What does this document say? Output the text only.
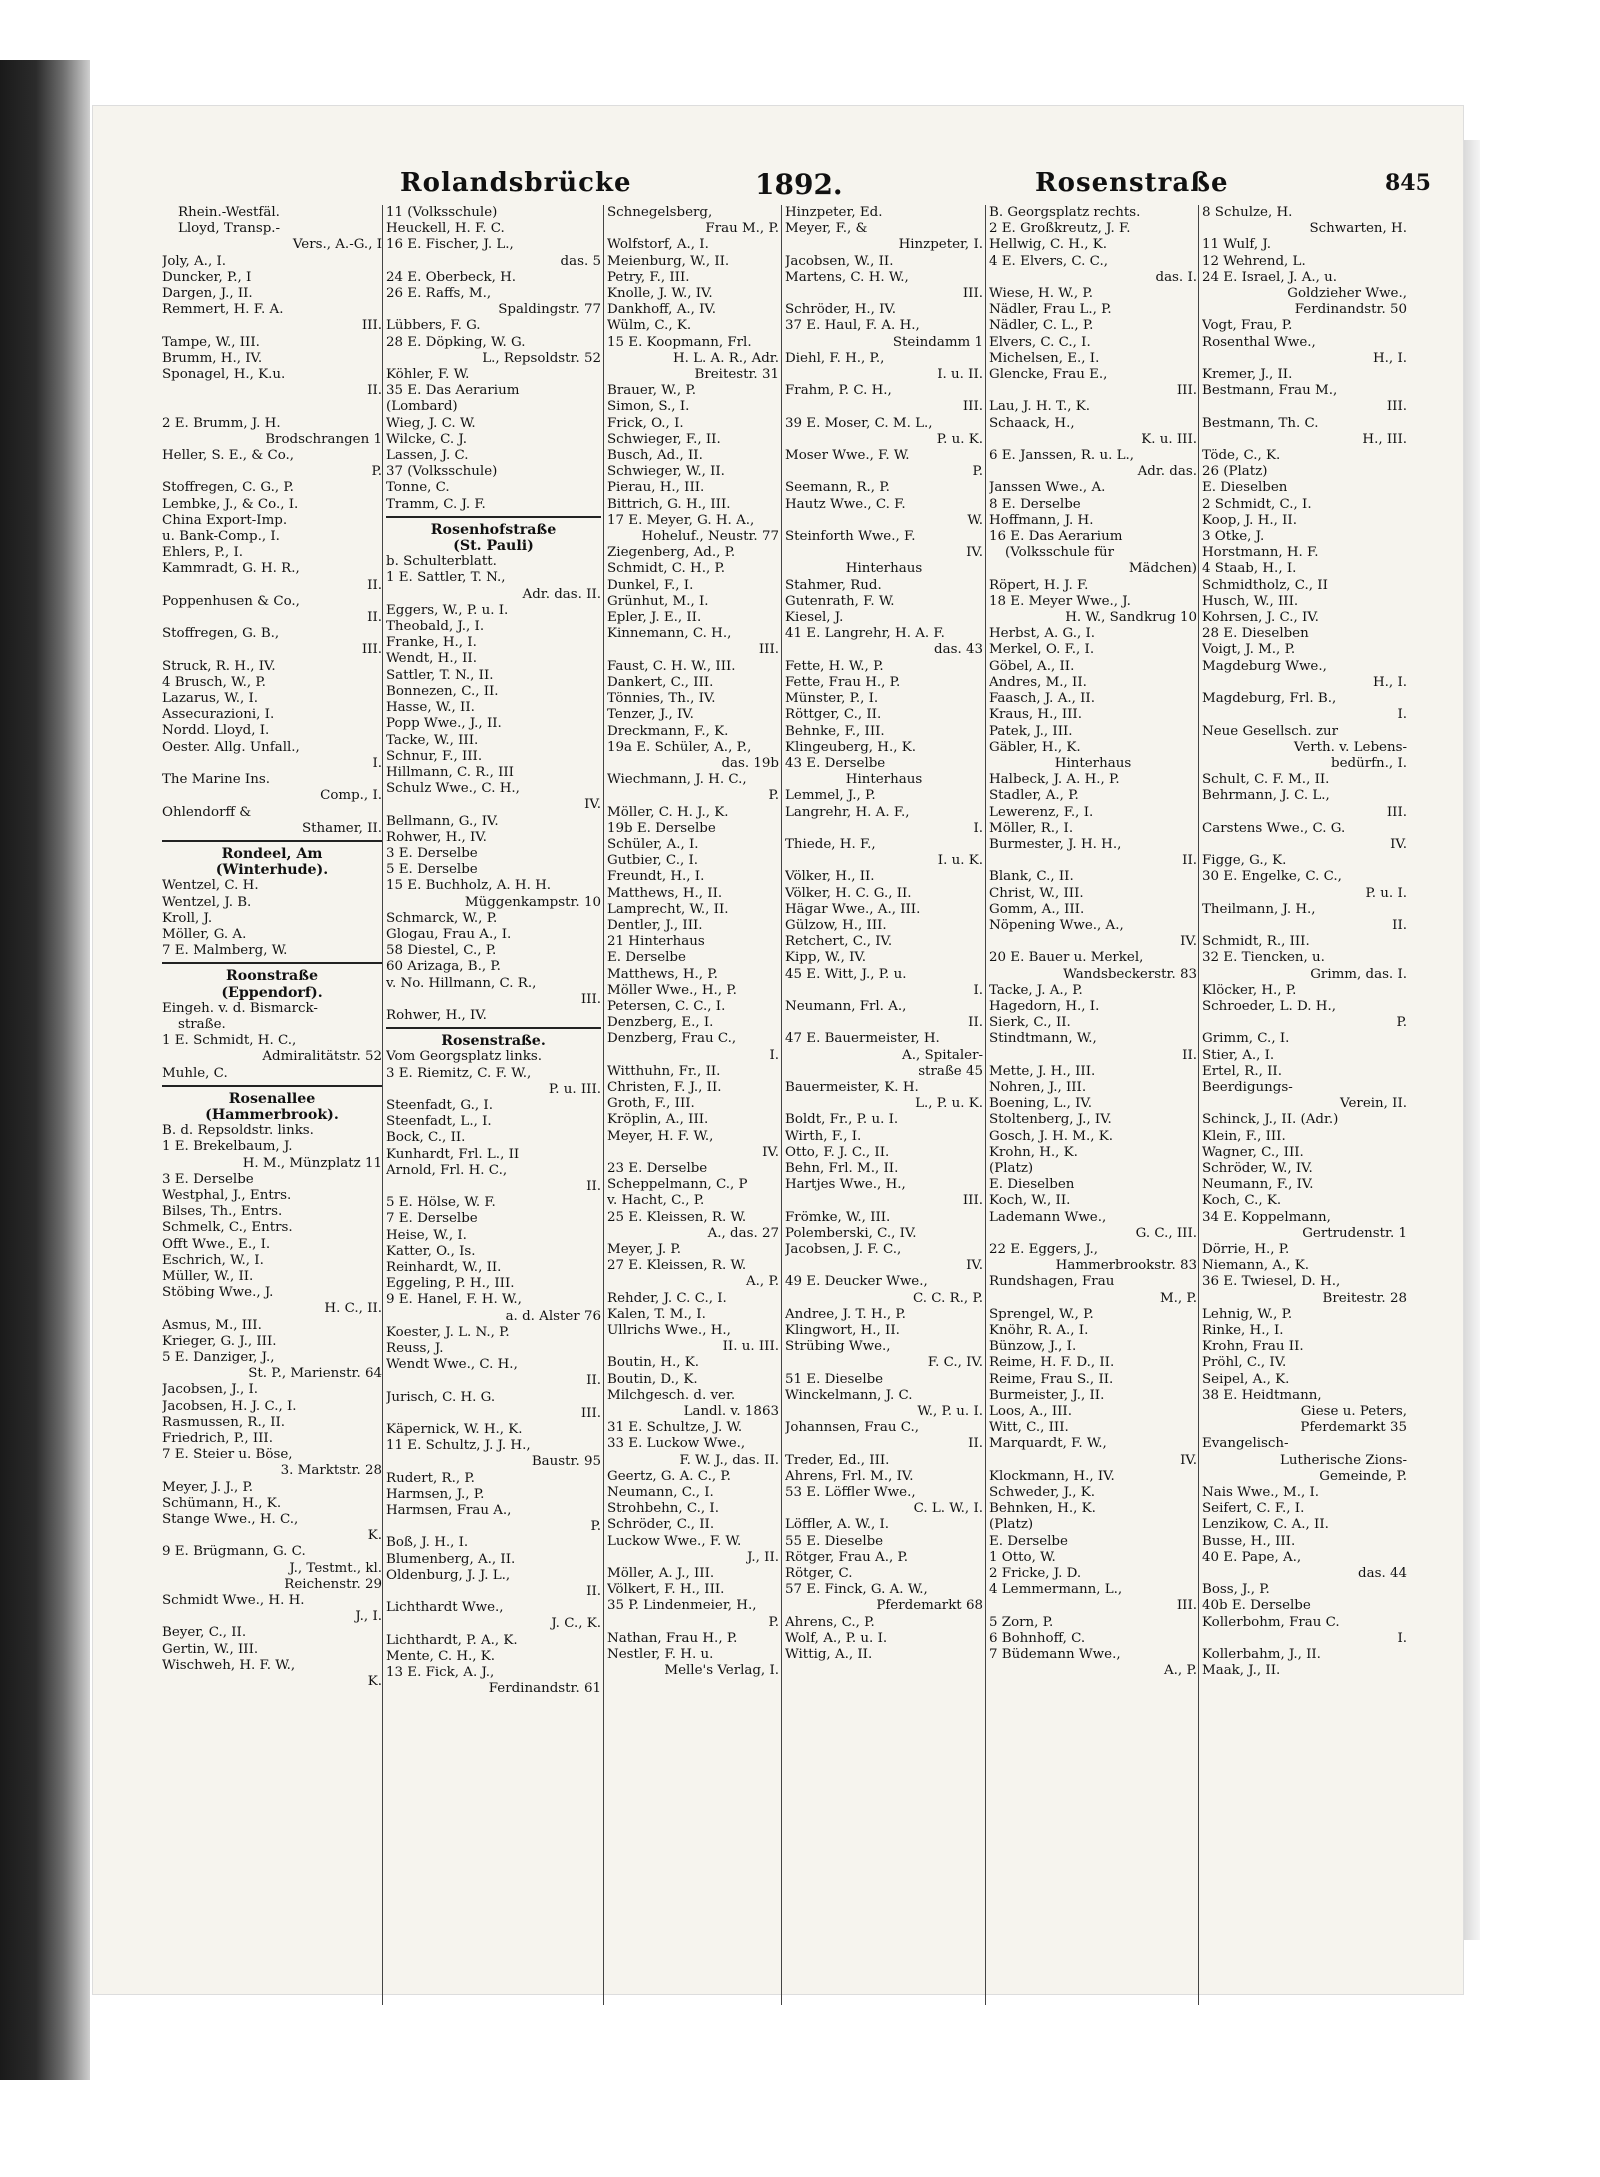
Rolandsbrücke	1892.	Rosenstraße	845
Rhein.-Westfäl.
Lloyd, Transp.-
Vers., A.-G., I
Joly, A., I.
Duncker, P., I
Dargen, J., II.
Remmert, H. F. A.
III.
Tampe, W., III.
Brumm, H., IV.
Sponagel, H., K.u.
II.
2 E. Brumm, J. H.
Brodschrangen 1
Heller, S. E., & Co.,
P.
Stoffregen, C. G., P.
Lembke, J., & Co., I.
China Export-Imp.
u. Bank-Comp., I.
Ehlers, P., I.
Kammradt, G. H. R.,
II.
Poppenhusen & Co.,
II.
Stoffregen, G. B.,
III.
Struck, R. H., IV.
4 Brusch, W., P.
Lazarus, W., I.
Assecurazioni, I.
Nordd. Lloyd, I.
Oester. Allg. Unfall.,
I.
The Marine Ins.
Comp., I.
Ohlendorff &
Sthamer, II.
Rondeel, Am
(Winterhude).
Wentzel, C. H.
Wentzel, J. B.
Kroll, J.
Möller, G. A.
7 E. Malmberg, W.
Roonstraße
(Eppendorf).
Eingeh. v. d. Bismarck-
straße.
1 E. Schmidt, H. C.,
Admiralitätstr. 52
Muhle, C.
Rosenallee
(Hammerbrook).
B. d. Repsoldstr. links.
1 E. Brekelbaum, J.
H. M., Münzplatz 11
3 E. Derselbe
Westphal, J., Entrs.
Bilses, Th., Entrs.
Schmelk, C., Entrs.
Offt Wwe., E., I.
Eschrich, W., I.
Müller, W., II.
Stöbing Wwe., J.
H. C., II.
Asmus, M., III.
Krieger, G. J., III.
5 E. Danziger, J.,
St. P., Marienstr. 64
Jacobsen, J., I.
Jacobsen, H. J. C., I.
Rasmussen, R., II.
Friedrich, P., III.
7 E. Steier u. Böse,
3. Marktstr. 28
Meyer, J. J., P.
Schümann, H., K.
Stange Wwe., H. C.,
K.
9 E. Brügmann, G. C.
J., Testmt., kl.
Reichenstr. 29
Schmidt Wwe., H. H.
J., I.
Beyer, C., II.
Gertin, W., III.
Wischweh, H. F. W.,
K.
11 (Volksschule)
Heuckell, H. F. C.
16 E. Fischer, J. L.,
das. 5
24 E. Oberbeck, H.
26 E. Raffs, M.,
Spaldingstr. 77
Lübbers, F. G.
28 E. Döpking, W. G.
L., Repsoldstr. 52
Köhler, F. W.
35 E. Das Aerarium
(Lombard)
Wieg, J. C. W.
Wilcke, C. J.
Lassen, J. C.
37 (Volksschule)
Tonne, C.
Tramm, C. J. F.
Rosenhofstraße
(St. Pauli)
b. Schulterblatt.
1 E. Sattler, T. N.,
Adr. das. II.
Eggers, W., P. u. I.
Theobald, J., I.
Franke, H., I.
Wendt, H., II.
Sattler, T. N., II.
Bonnezen, C., II.
Hasse, W., II.
Popp Wwe., J., II.
Tacke, W., III.
Schnur, F., III.
Hillmann, C. R., III
Schulz Wwe., C. H.,
IV.
Bellmann, G., IV.
Rohwer, H., IV.
3 E. Derselbe
5 E. Derselbe
15 E. Buchholz, A. H. H.
Müggenkampstr. 10
Schmarck, W., P.
Glogau, Frau A., I.
58 Diestel, C., P.
60 Arizaga, B., P.
v. No. Hillmann, C. R.,
III.
Rohwer, H., IV.
Rosenstraße.
Vom Georgsplatz links.
3 E. Riemitz, C. F. W.,
P. u. III.
Steenfadt, G., I.
Steenfadt, L., I.
Bock, C., II.
Kunhardt, Frl. L., II
Arnold, Frl. H. C.,
II.
5 E. Hölse, W. F.
7 E. Derselbe
Heise, W., I.
Katter, O., Is.
Reinhardt, W., II.
Eggeling, P. H., III.
9 E. Hanel, F. H. W.,
a. d. Alster 76
Koester, J. L. N., P.
Reuss, J.
Wendt Wwe., C. H.,
II.
Jurisch, C. H. G.
III.
Käpernick, W. H., K.
11 E. Schultz, J. J. H.,
Baustr. 95
Rudert, R., P.
Harmsen, J., P.
Harmsen, Frau A.,
P.
Boß, J. H., I.
Blumenberg, A., II.
Oldenburg, J. J. L.,
II.
Lichthardt Wwe.,
J. C., K.
Lichthardt, P. A., K.
Mente, C. H., K.
13 E. Fick, A. J.,
Ferdinandstr. 61
Schnegelsberg,
Frau M., P.
Wolfstorf, A., I.
Meienburg, W., II.
Petry, F., III.
Knolle, J. W., IV.
Dankhoff, A., IV.
Wülm, C., K.
15 E. Koopmann, Frl.
H. L. A. R., Adr.
Breitestr. 31
Brauer, W., P.
Simon, S., I.
Frick, O., I.
Schwieger, F., II.
Busch, Ad., II.
Schwieger, W., II.
Pierau, H., III.
Bittrich, G. H., III.
17 E. Meyer, G. H. A.,
Hoheluf., Neustr. 77
Ziegenberg, Ad., P.
Schmidt, C. H., P.
Dunkel, F., I.
Grünhut, M., I.
Epler, J. E., II.
Kinnemann, C. H.,
III.
Faust, C. H. W., III.
Dankert, C., III.
Tönnies, Th., IV.
Tenzer, J., IV.
Dreckmann, F., K.
19a E. Schüler, A., P.,
das. 19b
Wiechmann, J. H. C.,
P.
Möller, C. H. J., K.
19b E. Derselbe
Schüler, A., I.
Gutbier, C., I.
Freundt, H., I.
Matthews, H., II.
Lamprecht, W., II.
Dentler, J., III.
21 Hinterhaus
E. Derselbe
Matthews, H., P.
Möller Wwe., H., P.
Petersen, C. C., I.
Denzberg, E., I.
Denzberg, Frau C.,
I.
Witthuhn, Fr., II.
Christen, F. J., II.
Groth, F., III.
Kröplin, A., III.
Meyer, H. F. W.,
IV.
23 E. Derselbe
Scheppelmann, C., P
v. Hacht, C., P.
25 E. Kleissen, R. W.
A., das. 27
Meyer, J. P.
27 E. Kleissen, R. W.
A., P.
Rehder, J. C. C., I.
Kalen, T. M., I.
Ullrichs Wwe., H.,
II. u. III.
Boutin, H., K.
Boutin, D., K.
Milchgesch. d. ver.
Landl. v. 1863
31 E. Schultze, J. W.
33 E. Luckow Wwe.,
F. W. J., das. II.
Geertz, G. A. C., P.
Neumann, C., I.
Strohbehn, C., I.
Schröder, C., II.
Luckow Wwe., F. W.
J., II.
Möller, A. J., III.
Völkert, F. H., III.
35 P. Lindenmeier, H.,
P.
Nathan, Frau H., P.
Nestler, F. H. u.
Melle's Verlag, I.
Hinzpeter, Ed.
Meyer, F., &
Hinzpeter, I.
Jacobsen, W., II.
Martens, C. H. W.,
III.
Schröder, H., IV.
37 E. Haul, F. A. H.,
Steindamm 1
Diehl, F. H., P.,
I. u. II.
Frahm, P. C. H.,
III.
39 E. Moser, C. M. L.,
P. u. K.
Moser Wwe., F. W.
P.
Seemann, R., P.
Hautz Wwe., C. F.
W.
Steinforth Wwe., F.
IV.
Hinterhaus
Stahmer, Rud.
Gutenrath, F. W.
Kiesel, J.
41 E. Langrehr, H. A. F.
das. 43
Fette, H. W., P.
Fette, Frau H., P.
Münster, P., I.
Röttger, C., II.
Behnke, F., III.
Klingeuberg, H., K.
43 E. Derselbe
Hinterhaus
Lemmel, J., P.
Langrehr, H. A. F.,
I.
Thiede, H. F.,
I. u. K.
Völker, H., II.
Völker, H. C. G., II.
Hägar Wwe., A., III.
Gülzow, H., III.
Retchert, C., IV.
Kipp, W., IV.
45 E. Witt, J., P. u.
I.
Neumann, Frl. A.,
II.
47 E. Bauermeister, H.
A., Spitaler-
straße 45
Bauermeister, K. H.
L., P. u. K.
Boldt, Fr., P. u. I.
Wirth, F., I.
Otto, F. J. C., II.
Behn, Frl. M., II.
Hartjes Wwe., H.,
III.
Frömke, W., III.
Polemberski, C., IV.
Jacobsen, J. F. C.,
IV.
49 E. Deucker Wwe.,
C. C. R., P.
Andree, J. T. H., P.
Klingwort, H., II.
Strübing Wwe.,
F. C., IV.
51 E. Dieselbe
Winckelmann, J. C.
W., P. u. I.
Johannsen, Frau C.,
II.
Treder, Ed., III.
Ahrens, Frl. M., IV.
53 E. Löffler Wwe.,
C. L. W., I.
Löffler, A. W., I.
55 E. Dieselbe
Rötger, Frau A., P.
Rötger, C.
57 E. Finck, G. A. W.,
Pferdemarkt 68
Ahrens, C., P.
Wolf, A., P. u. I.
Wittig, A., II.
B. Georgsplatz rechts.
2 E. Großkreutz, J. F.
Hellwig, C. H., K.
4 E. Elvers, C. C.,
das. I.
Wiese, H. W., P.
Nädler, Frau L., P.
Nädler, C. L., P.
Elvers, C. C., I.
Michelsen, E., I.
Glencke, Frau E.,
III.
Lau, J. H. T., K.
Schaack, H.,
K. u. III.
6 E. Janssen, R. u. L.,
Adr. das.
Janssen Wwe., A.
8 E. Derselbe
Hoffmann, J. H.
16 E. Das Aerarium
(Volksschule für
Mädchen)
Röpert, H. J. F.
18 E. Meyer Wwe., J.
H. W., Sandkrug 10
Herbst, A. G., I.
Merkel, O. F., I.
Göbel, A., II.
Andres, M., II.
Faasch, J. A., II.
Kraus, H., III.
Patek, J., III.
Gäbler, H., K.
Hinterhaus
Halbeck, J. A. H., P.
Stadler, A., P.
Lewerenz, F., I.
Möller, R., I.
Burmester, J. H. H.,
II.
Blank, C., II.
Christ, W., III.
Gomm, A., III.
Nöpening Wwe., A.,
IV.
20 E. Bauer u. Merkel,
Wandsbeckerstr. 83
Tacke, J. A., P.
Hagedorn, H., I.
Sierk, C., II.
Stindtmann, W.,
II.
Mette, J. H., III.
Nohren, J., III.
Boening, L., IV.
Stoltenberg, J., IV.
Gosch, J. H. M., K.
Krohn, H., K.
(Platz)
E. Dieselben
Koch, W., II.
Lademann Wwe.,
G. C., III.
22 E. Eggers, J.,
Hammerbrookstr. 83
Rundshagen, Frau
M., P.
Sprengel, W., P.
Knöhr, R. A., I.
Bünzow, J., I.
Reime, H. F. D., II.
Reime, Frau S., II.
Burmeister, J., II.
Loos, A., III.
Witt, C., III.
Marquardt, F. W.,
IV.
Klockmann, H., IV.
Schweder, J., K.
Behnken, H., K.
(Platz)
E. Derselbe
1 Otto, W.
2 Fricke, J. D.
4 Lemmermann, L.,
III.
5 Zorn, P.
6 Bohnhoff, C.
7 Büdemann Wwe.,
A., P.
8 Schulze, H.
Schwarten, H.
11 Wulf, J.
12 Wehrend, L.
24 E. Israel, J. A., u.
Goldzieher Wwe.,
Ferdinandstr. 50
Vogt, Frau, P.
Rosenthal Wwe.,
H., I.
Kremer, J., II.
Bestmann, Frau M.,
III.
Bestmann, Th. C.
H., III.
Töde, C., K.
26 (Platz)
E. Dieselben
2 Schmidt, C., I.
Koop, J. H., II.
3 Otke, J.
Horstmann, H. F.
4 Staab, H., I.
Schmidtholz, C., II
Husch, W., III.
Kohrsen, J. C., IV.
28 E. Dieselben
Voigt, J. M., P.
Magdeburg Wwe.,
H., I.
Magdeburg, Frl. B.,
I.
Neue Gesellsch. zur
Verth. v. Lebens-
bedürfn., I.
Schult, C. F. M., II.
Behrmann, J. C. L.,
III.
Carstens Wwe., C. G.
IV.
Figge, G., K.
30 E. Engelke, C. C.,
P. u. I.
Theilmann, J. H.,
II.
Schmidt, R., III.
32 E. Tiencken, u.
Grimm, das. I.
Klöcker, H., P.
Schroeder, L. D. H.,
P.
Grimm, C., I.
Stier, A., I.
Ertel, R., II.
Beerdigungs-
Verein, II.
Schinck, J., II. (Adr.)
Klein, F., III.
Wagner, C., III.
Schröder, W., IV.
Neumann, F., IV.
Koch, C., K.
34 E. Koppelmann,
Gertrudenstr. 1
Dörrie, H., P.
Niemann, A., K.
36 E. Twiesel, D. H.,
Breitestr. 28
Lehnig, W., P.
Rinke, H., I.
Krohn, Frau II.
Pröhl, C., IV.
Seipel, A., K.
38 E. Heidtmann,
Giese u. Peters,
Pferdemarkt 35
Evangelisch-
Lutherische Zions-
Gemeinde, P.
Nais Wwe., M., I.
Seifert, C. F., I.
Lenzikow, C. A., II.
Busse, H., III.
40 E. Pape, A.,
das. 44
Boss, J., P.
40b E. Derselbe
Kollerbohm, Frau C.
I.
Kollerbahm, J., II.
Maak, J., II.
